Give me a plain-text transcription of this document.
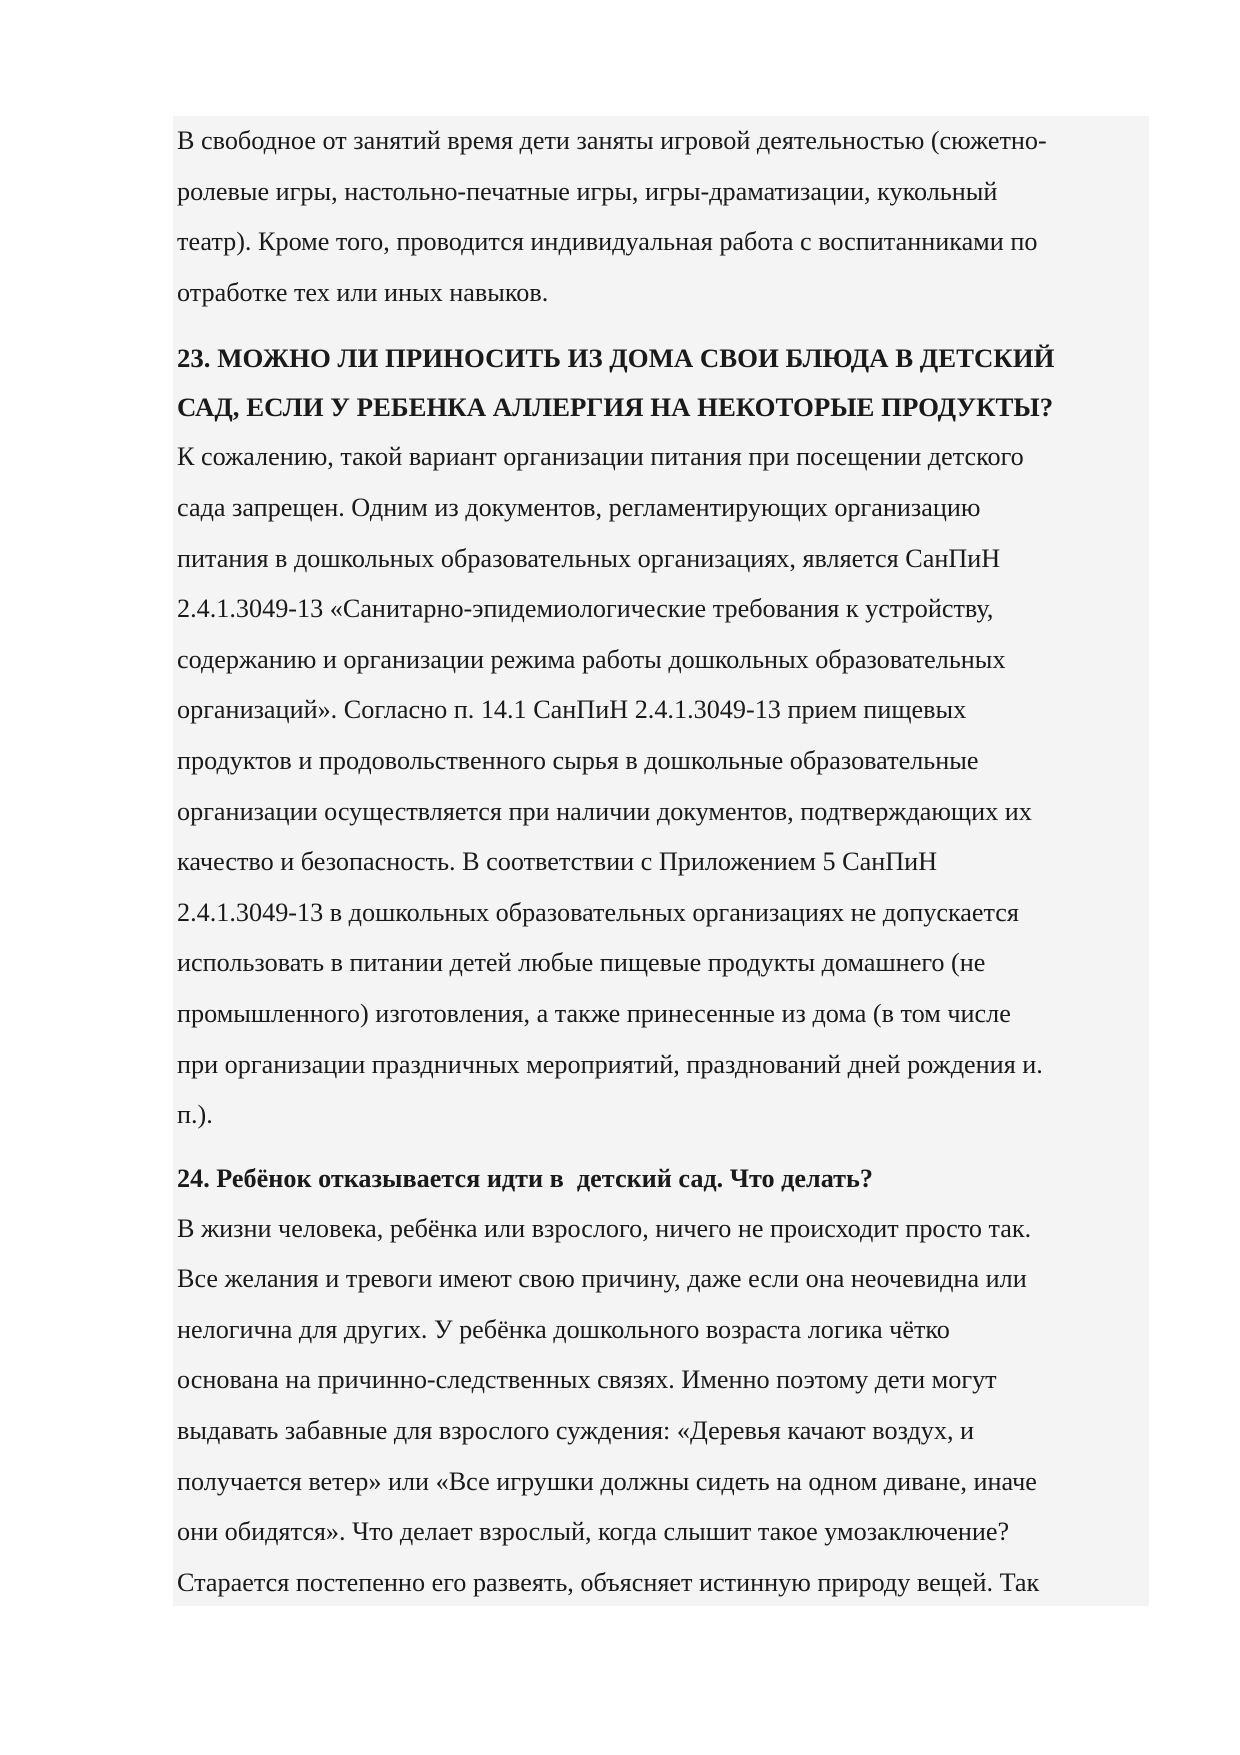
В свободное от занятий время дети заняты игровой деятельностью (сюжетно-
ролевые игры, настольно-печатные игры, игры-драматизации, кукольный
театр). Кроме того, проводится индивидуальная работа с воспитанниками по
отработке тех или иных навыков.

23. МОЖНО ЛИ ПРИНОСИТЬ ИЗ ДОМА СВОИ БЛЮДА В ДЕТСКИЙ
САД, ЕСЛИ У РЕБЕНКА АЛЛЕРГИЯ НА НЕКОТОРЫЕ ПРОДУКТЫ?

К сожалению, такой вариант организации питания при посещении детского
сада запрещен. Одним из документов, регламентирующих организацию
питания в дошкольных образовательных организациях, является СанПиН
2.4.1.3049-13 «Санитарно-эпидемиологические требования к устройству,
содержанию и организации режима работы дошкольных образовательных
организаций». Согласно п. 14.1 СанПиН 2.4.1.3049-13 прием пищевых
продуктов и продовольственного сырья в дошкольные образовательные
организации осуществляется при наличии документов, подтверждающих их
качество и безопасность. В соответствии с Приложением 5 СанПиН
2.4.1.3049-13 в дошкольных образовательных организациях не допускается
использовать в питании детей любые пищевые продукты домашнего (не
промышленного) изготовления, а также принесенные из дома (в том числе
при организации праздничных мероприятий, празднований дней рождения и.
п.).

24. Ребёнок отказывается идти в  детский сад. Что делать?

В жизни человека, ребёнка или взрослого, ничего не происходит просто так.
Все желания и тревоги имеют свою причину, даже если она неочевидна или
нелогична для других. У ребёнка дошкольного возраста логика чётко
основана на причинно-следственных связях. Именно поэтому дети могут
выдавать забавные для взрослого суждения: «Деревья качают воздух, и
получается ветер» или «Все игрушки должны сидеть на одном диване, иначе
они обидятся». Что делает взрослый, когда слышит такое умозаключение?
Старается постепенно его развеять, объясняет истинную природу вещей. Так
